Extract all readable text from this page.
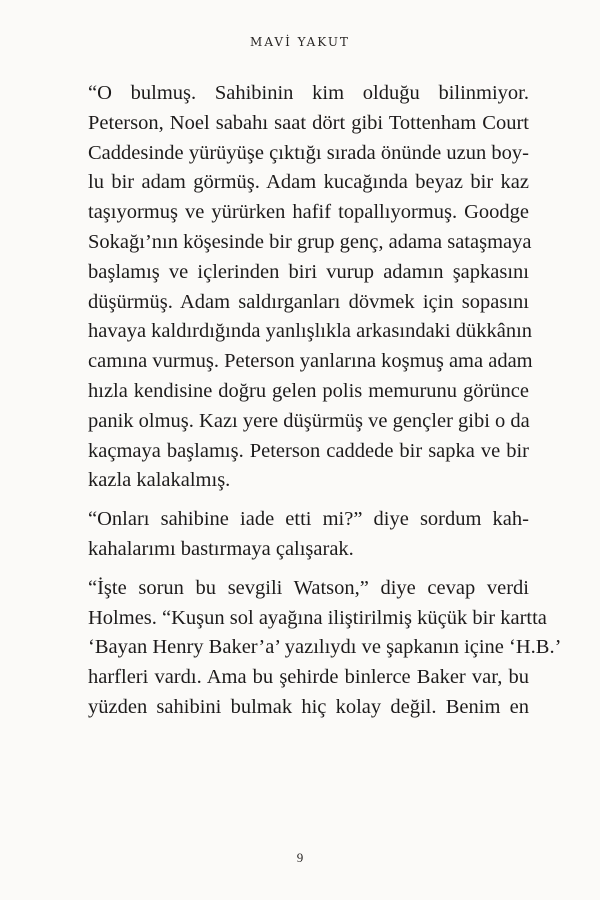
MAVİ YAKUT

“O bulmuş. Sahibinin kim olduğu bilinmiyor.
Peterson, Noel sabahı saat dört gibi Tottenham Court
Caddesinde yürüyüşe çıktığı sırada önünde uzun boy-
lu bir adam görmüş. Adam kucağında beyaz bir kaz
taşıyormuş ve yürürken hafif topallıyormuş. Goodge
Sokağı’nın köşesinde bir grup genç, adama sataşmaya
başlamış ve içlerinden biri vurup adamın şapkasını
düşürmüş. Adam saldırganları dövmek için sopasını
havaya kaldırdığında yanlışlıkla arkasındaki dükkânın
camına vurmuş. Peterson yanlarına koşmuş ama adam
hızla kendisine doğru gelen polis memurunu görünce
panik olmuş. Kazı yere düşürmüş ve gençler gibi o da
kaçmaya başlamış. Peterson caddede bir sapka ve bir
kazla kalakalmış.

“Onları sahibine iade etti mi?” diye sordum kah-
kahalarımı bastırmaya çalışarak.

“İşte sorun bu sevgili Watson,” diye cevap verdi
Holmes. “Kuşun sol ayağına iliştirilmiş küçük bir kartta
‘Bayan Henry Baker’a’ yazılıydı ve şapkanın içine ‘H.B.’
harfleri vardı. Ama bu şehirde binlerce Baker var, bu
yüzden sahibini bulmak hiç kolay değil. Benim en

9
